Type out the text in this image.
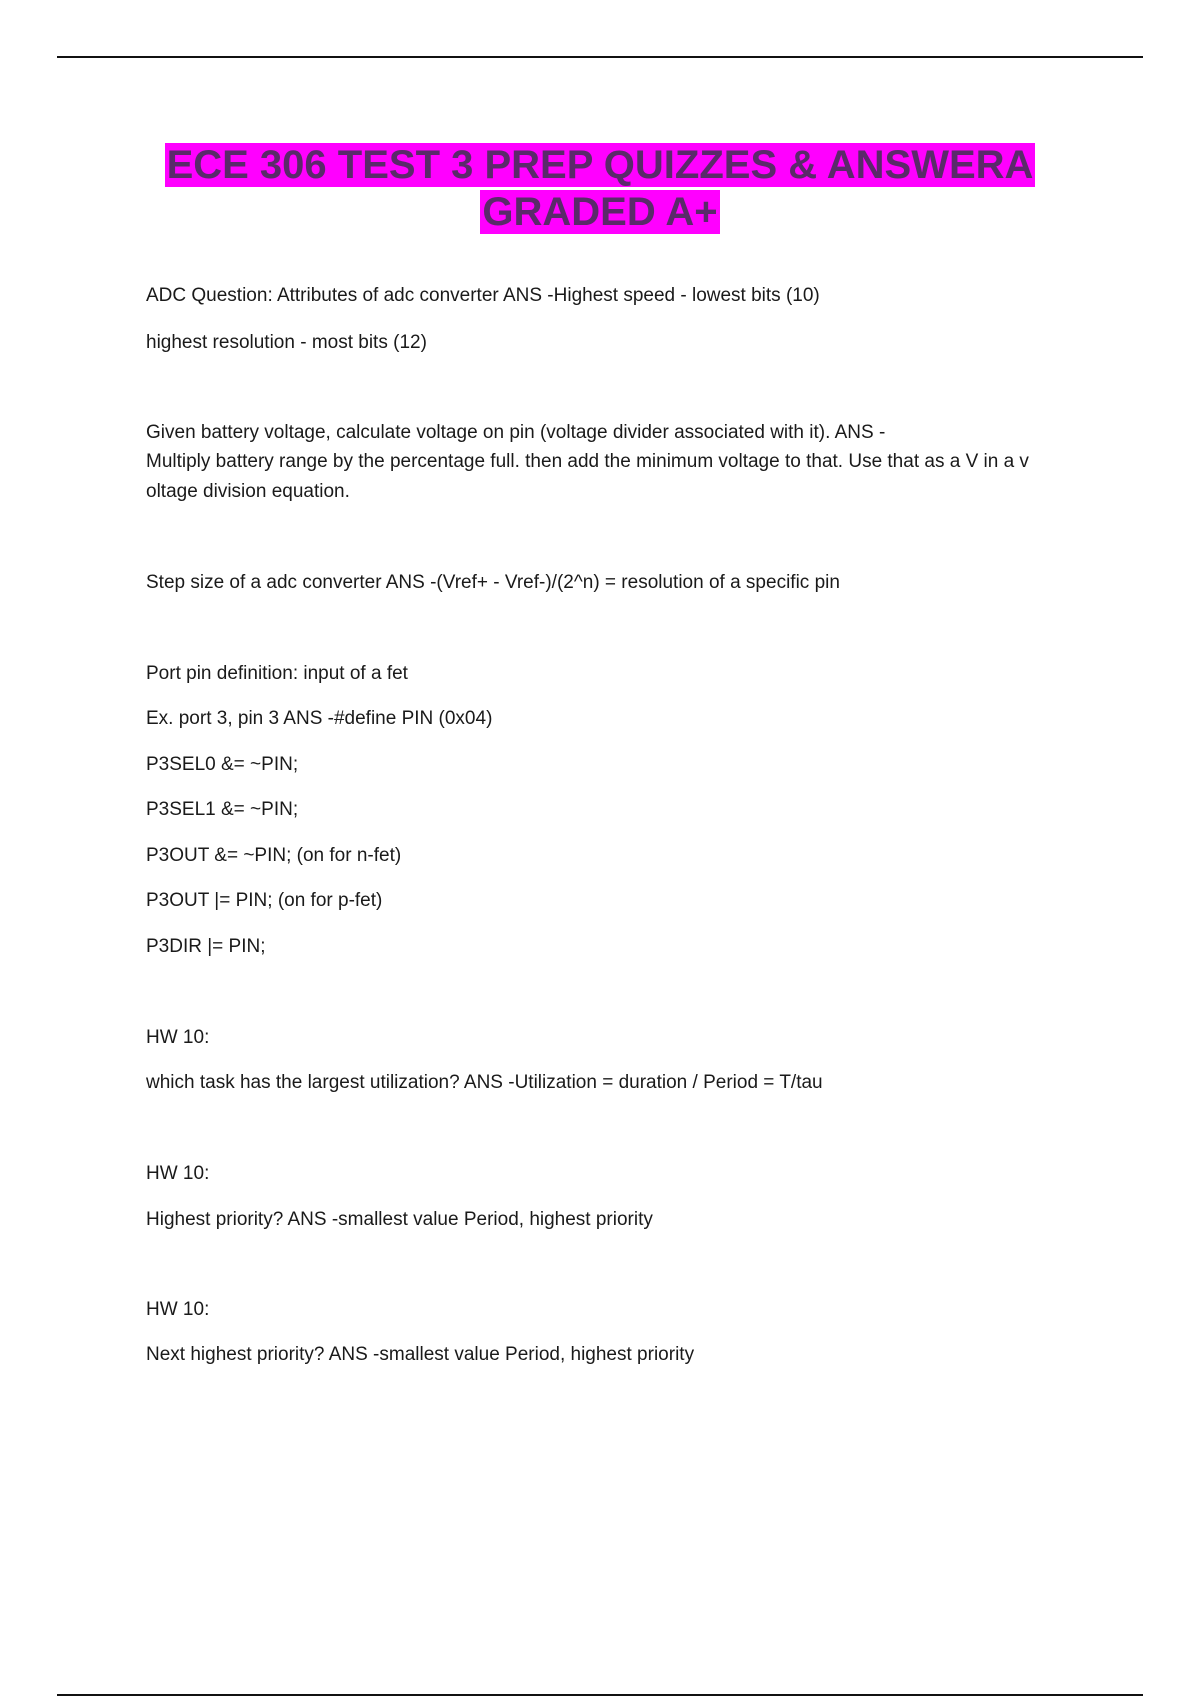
ECE 306 TEST 3 PREP QUIZZES & ANSWERA
GRADED A+

ADC Question: Attributes of adc converter ANS -Highest speed - lowest bits (10)

highest resolution - most bits (12)

Given battery voltage, calculate voltage on pin (voltage divider associated with it). ANS -

Multiply battery range by the percentage full. then add the minimum voltage to that. Use that as a V in a v

oltage division equation.

Step size of a adc converter ANS -(Vref+ - Vref-)/(2^n) = resolution of a specific pin

Port pin definition: input of a fet

Ex. port 3, pin 3 ANS -#define PIN (0x04)

P3SEL0 &= ~PIN;

P3SEL1 &= ~PIN;

P3OUT &= ~PIN; (on for n-fet)

P3OUT |= PIN; (on for p-fet)

P3DIR |= PIN;

HW 10:

which task has the largest utilization? ANS -Utilization = duration / Period = T/tau

HW 10:

Highest priority? ANS -smallest value Period, highest priority

HW 10:

Next highest priority? ANS -smallest value Period, highest priority
